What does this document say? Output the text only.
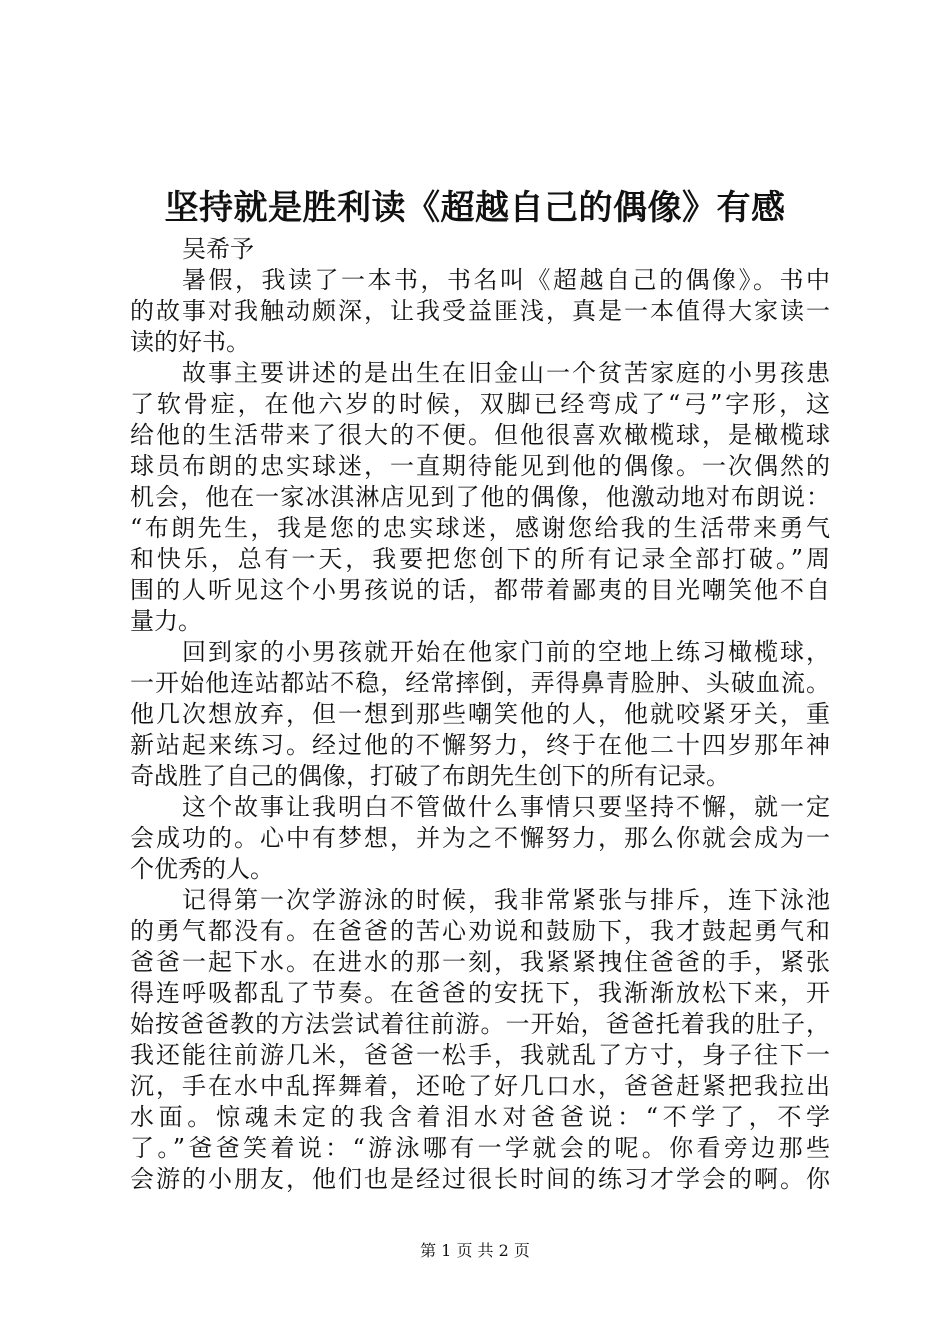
坚持就是胜利读《超越自己的偶像》有感
吴希予
暑假，我读了一本书，书名叫《超越自己的偶像》。书中
的故事对我触动颇深，让我受益匪浅，真是一本值得大家读一
读的好书。
故事主要讲述的是出生在旧金山一个贫苦家庭的小男孩患
了软骨症，在他六岁的时候，双脚已经弯成了“弓”字形，这
给他的生活带来了很大的不便。但他很喜欢橄榄球，是橄榄球
球员布朗的忠实球迷，一直期待能见到他的偶像。一次偶然的
机会，他在一家冰淇淋店见到了他的偶像，他激动地对布朗说：
“布朗先生，我是您的忠实球迷，感谢您给我的生活带来勇气
和快乐，总有一天，我要把您创下的所有记录全部打破。”周
围的人听见这个小男孩说的话，都带着鄙夷的目光嘲笑他不自
量力。
回到家的小男孩就开始在他家门前的空地上练习橄榄球，
一开始他连站都站不稳，经常摔倒，弄得鼻青脸肿、头破血流。
他几次想放弃，但一想到那些嘲笑他的人，他就咬紧牙关，重
新站起来练习。经过他的不懈努力，终于在他二十四岁那年神
奇战胜了自己的偶像，打破了布朗先生创下的所有记录。
这个故事让我明白不管做什么事情只要坚持不懈，就一定
会成功的。心中有梦想，并为之不懈努力，那么你就会成为一
个优秀的人。
记得第一次学游泳的时候，我非常紧张与排斥，连下泳池
的勇气都没有。在爸爸的苦心劝说和鼓励下，我才鼓起勇气和
爸爸一起下水。在进水的那一刻，我紧紧拽住爸爸的手，紧张
得连呼吸都乱了节奏。在爸爸的安抚下，我渐渐放松下来，开
始按爸爸教的方法尝试着往前游。一开始，爸爸托着我的肚子，
我还能往前游几米，爸爸一松手，我就乱了方寸，身子往下一
沉，手在水中乱挥舞着，还呛了好几口水，爸爸赶紧把我拉出
水面。惊魂未定的我含着泪水对爸爸说：“不学了，不学
了。”爸爸笑着说：“游泳哪有一学就会的呢。你看旁边那些
会游的小朋友，他们也是经过很长时间的练习才学会的啊。你
第 1 页 共 2 页
